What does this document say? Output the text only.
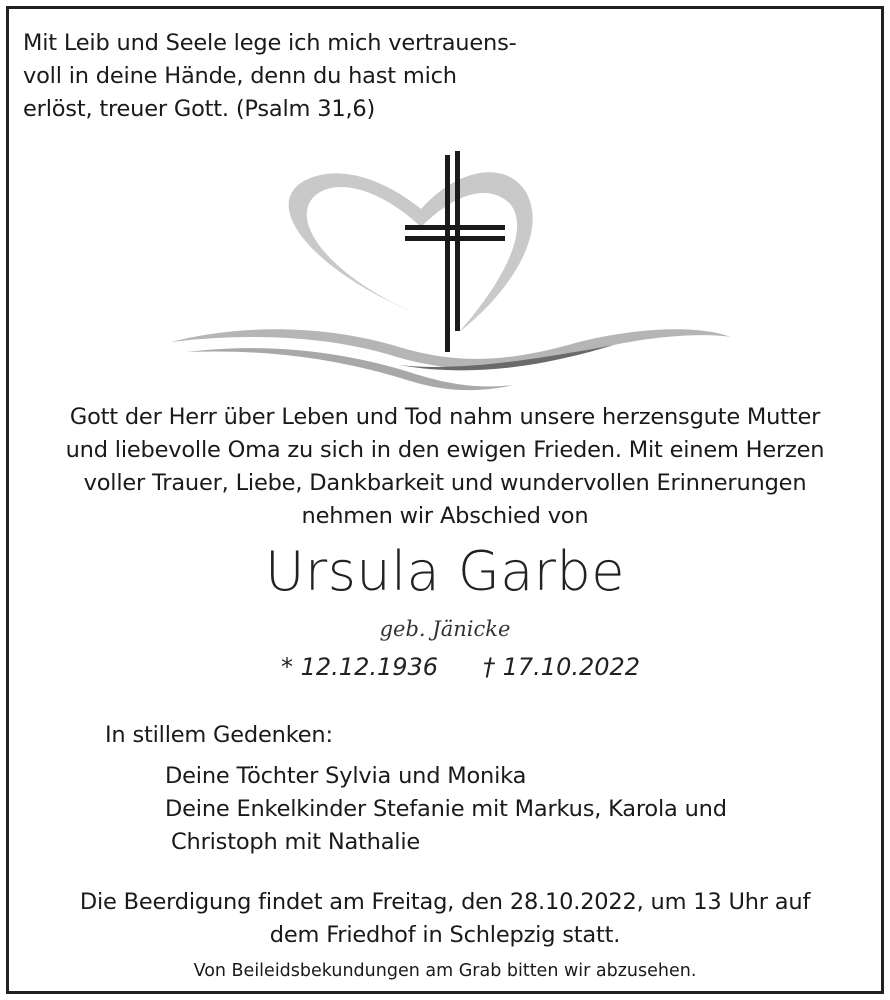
Mit Leib und Seele lege ich mich vertrauens-
voll in deine Hände, denn du hast mich
erlöst, treuer Gott. (Psalm 31,6)
Gott der Herr über Leben und Tod nahm unsere herzensgute Mutter
und liebevolle Oma zu sich in den ewigen Frieden. Mit einem Herzen
voller Trauer, Liebe, Dankbarkeit und wundervollen Erinnerungen
nehmen wir Abschied von
Ursula Garbe
geb. Jänicke
* 12.12.1936 † 17.10.2022
In stillem Gedenken:
Deine Töchter Sylvia und Monika
Deine Enkelkinder Stefanie mit Markus, Karola und
Christoph mit Nathalie
Die Beerdigung findet am Freitag, den 28.10.2022, um 13 Uhr auf
dem Friedhof in Schlepzig statt.
Von Beileidsbekundungen am Grab bitten wir abzusehen.
